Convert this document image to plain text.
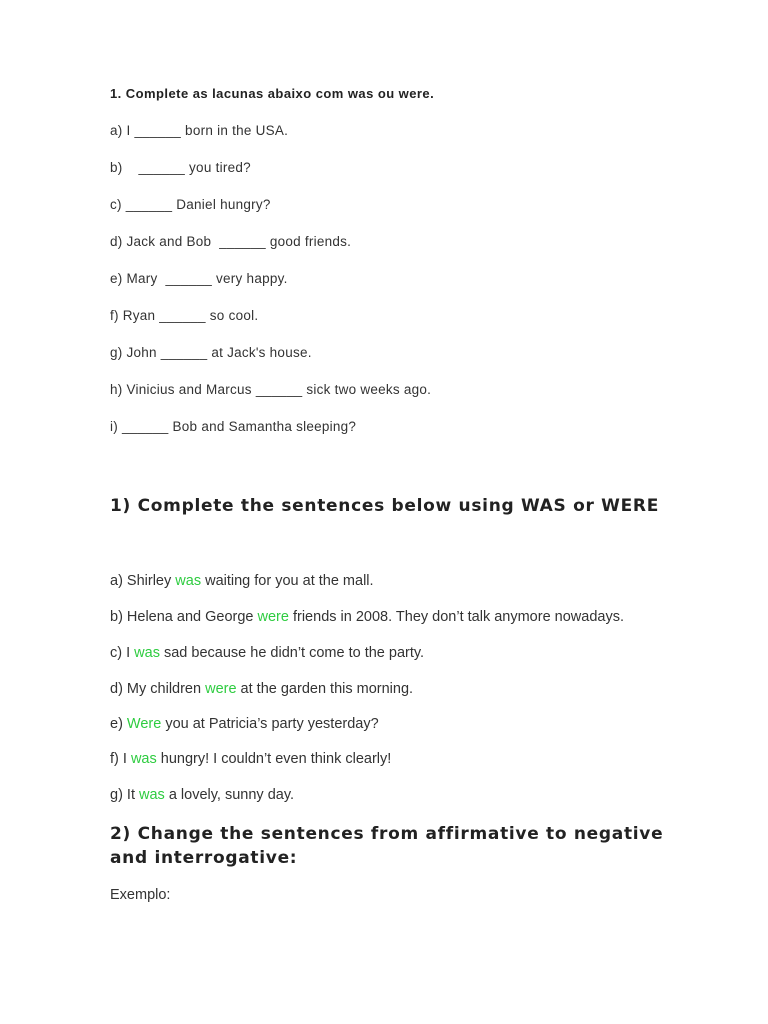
1. Complete as lacunas abaixo com was ou were.
a) I ______ born in the USA.
b)    ______ you tired?
c) ______ Daniel hungry?
d) Jack and Bob  ______ good friends.
e) Mary  ______ very happy.
f) Ryan ______ so cool.
g) John ______ at Jack's house.
h) Vinicius and Marcus ______ sick two weeks ago.
i) ______ Bob and Samantha sleeping?
1) Complete the sentences below using WAS or WERE
a) Shirley was waiting for you at the mall.
b) Helena and George were friends in 2008. They don’t talk anymore nowadays.
c) I was sad because he didn’t come to the party.
d) My children were at the garden this morning.
e) Were you at Patricia’s party yesterday?
f) I was hungry! I couldn’t even think clearly!
g) It was a lovely, sunny day.
2) Change the sentences from affirmative to negative and interrogative:
Exemplo:
